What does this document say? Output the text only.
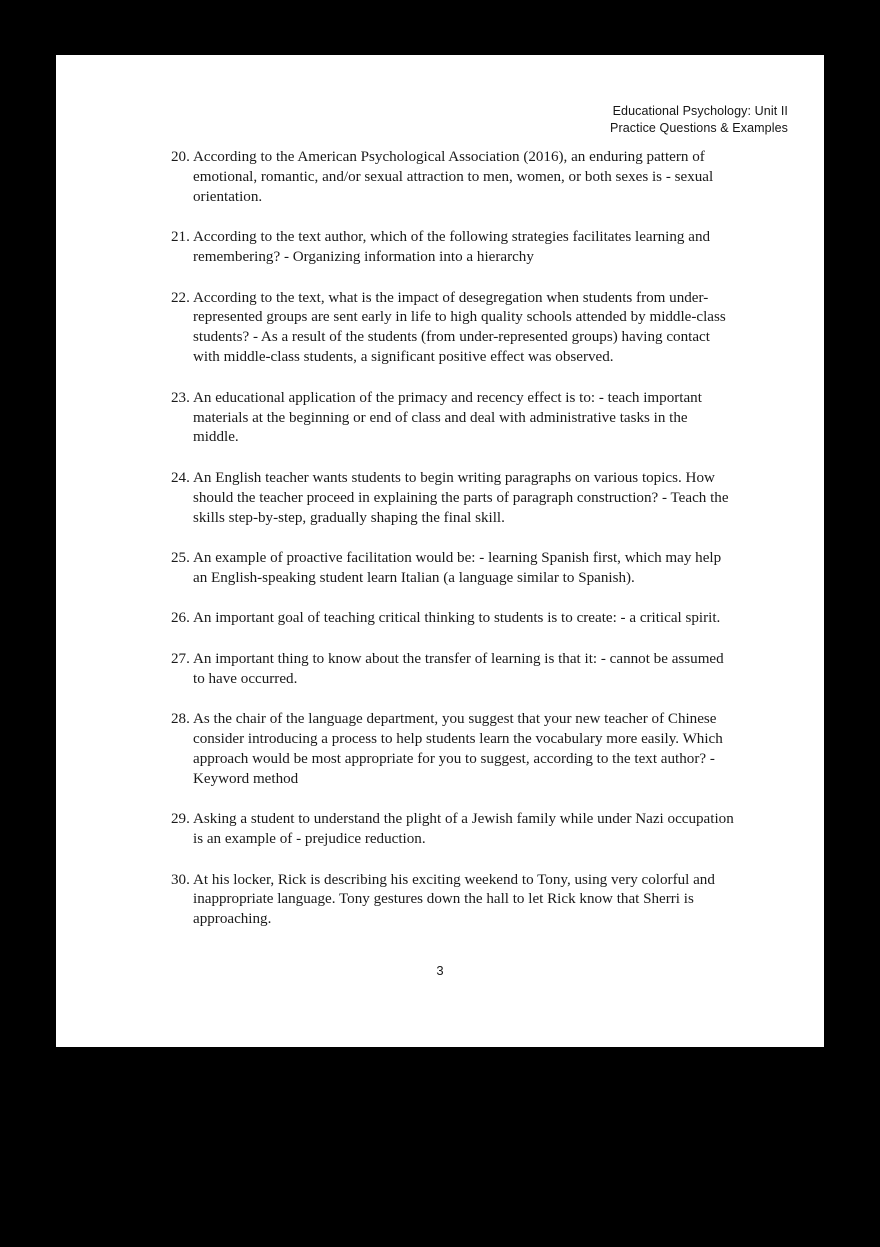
Educational Psychology: Unit II
Practice Questions & Examples
20. According to the American Psychological Association (2016), an enduring pattern of emotional, romantic, and/or sexual attraction to men, women, or both sexes is - sexual orientation.
21. According to the text author, which of the following strategies facilitates learning and remembering? - Organizing information into a hierarchy
22. According to the text, what is the impact of desegregation when students from under-represented groups are sent early in life to high quality schools attended by middle-class students? - As a result of the students (from under-represented groups) having contact with middle-class students, a significant positive effect was observed.
23. An educational application of the primacy and recency effect is to: - teach important materials at the beginning or end of class and deal with administrative tasks in the middle.
24. An English teacher wants students to begin writing paragraphs on various topics. How should the teacher proceed in explaining the parts of paragraph construction? - Teach the skills step-by-step, gradually shaping the final skill.
25. An example of proactive facilitation would be: - learning Spanish first, which may help an English-speaking student learn Italian (a language similar to Spanish).
26. An important goal of teaching critical thinking to students is to create: - a critical spirit.
27. An important thing to know about the transfer of learning is that it: - cannot be assumed to have occurred.
28. As the chair of the language department, you suggest that your new teacher of Chinese consider introducing a process to help students learn the vocabulary more easily. Which approach would be most appropriate for you to suggest, according to the text author? - Keyword method
29. Asking a student to understand the plight of a Jewish family while under Nazi occupation is an example of - prejudice reduction.
30. At his locker, Rick is describing his exciting weekend to Tony, using very colorful and inappropriate language. Tony gestures down the hall to let Rick know that Sherri is approaching.
3
